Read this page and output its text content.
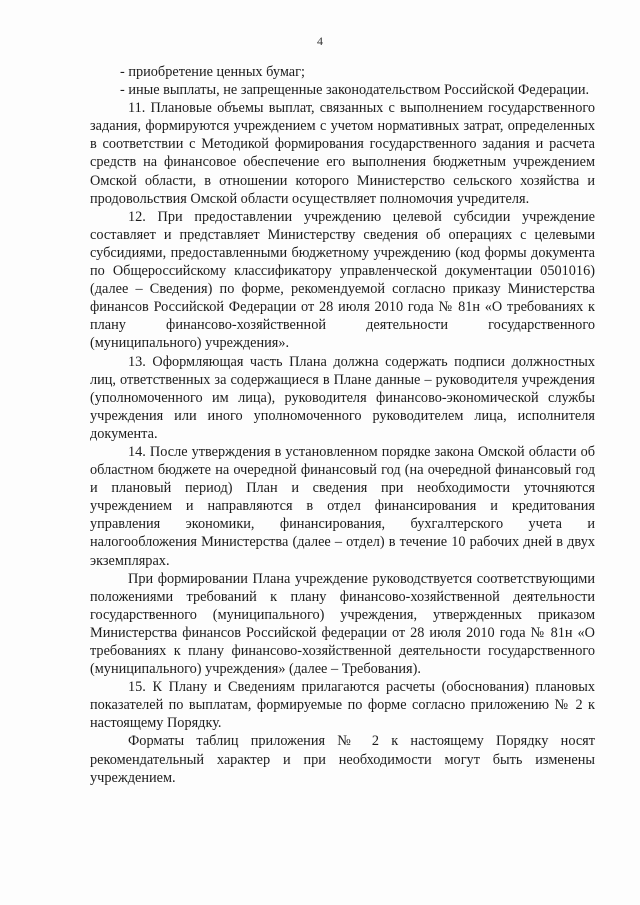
4

- приобретение ценных бумаг;

- иные выплаты, не запрещенные законодательством Российской Федерации.

11. Плановые объемы выплат, связанных с выполнением государственного задания, формируются учреждением с учетом нормативных затрат, определенных в соответствии с Методикой формирования государственного задания и расчета средств на финансовое обеспечение его выполнения бюджетным учреждением Омской области, в отношении которого Министерство сельского хозяйства и продовольствия Омской области осуществляет полномочия учредителя.

12. При предоставлении учреждению целевой субсидии учреждение составляет и представляет Министерству сведения об операциях с целевыми субсидиями, предоставленными бюджетному учреждению (код формы документа по Общероссийскому классификатору управленческой документации 0501016) (далее – Сведения) по форме, рекомендуемой согласно приказу Министерства финансов Российской Федерации от 28 июля 2010 года № 81н «О требованиях к плану финансово-хозяйственной деятельности государственного (муниципального) учреждения».

13. Оформляющая часть Плана должна содержать подписи должностных лиц, ответственных за содержащиеся в Плане данные – руководителя учреждения (уполномоченного им лица), руководителя финансово-экономической службы учреждения или иного уполномоченного руководителем лица, исполнителя документа.

14. После утверждения в установленном порядке закона Омской области об областном бюджете на очередной финансовый год (на очередной финансовый год и плановый период) План и сведения при необходимости уточняются учреждением и направляются в отдел финансирования и кредитования управления экономики, финансирования, бухгалтерского учета и налогообложения Министерства (далее – отдел) в течение 10 рабочих дней в двух экземплярах.

При формировании Плана учреждение руководствуется соответствующими положениями требований к плану финансово-хозяйственной деятельности государственного (муниципального) учреждения, утвержденных приказом Министерства финансов Российской федерации от 28 июля 2010 года № 81н «О требованиях к плану финансово-хозяйственной деятельности государственного (муниципального) учреждения» (далее – Требования).

15. К Плану и Сведениям прилагаются расчеты (обоснования) плановых показателей по выплатам, формируемые по форме согласно приложению № 2 к настоящему Порядку.

Форматы таблиц приложения № 2 к настоящему Порядку носят рекомендательный характер и при необходимости могут быть изменены учреждением.
